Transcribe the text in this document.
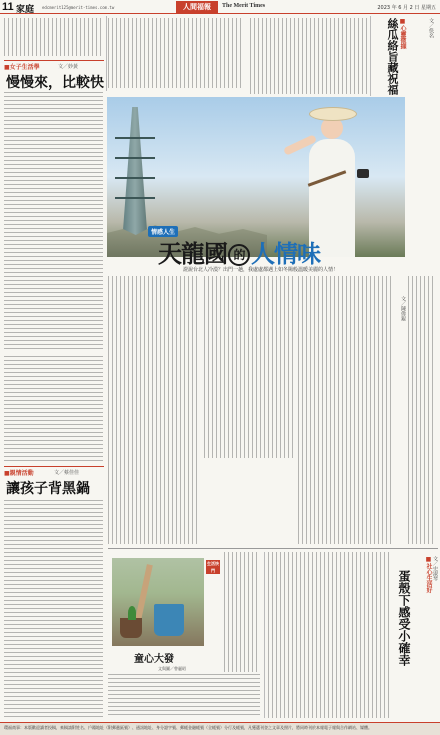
11 家庭 edcmerit125@merit-times.com.tw	人間福報	The Merit Times	2023 年 6 月 2 日 星期五
■女子生活學	文／妙黃
慢慢來，比較快
■親情活動	文／蔡佳佳
讓孩子背黑鍋
■心靈微擷	文／佚名
絲瓜絡旨藏祝福
情感人生
天龍國 的 人情味
證說台北人冷漠？出門一趟，我處處都遇上如冬陽般溫暖美麗的人情！
文／陳偉錕
生活快門
童心大發
文與圖／曾麗昭
■社心生活好 文／史淑琴
蛋殼下感受小確幸
環福商事：本版歡迎讀者投稿，來稿請附姓名、戶籍地址（附郵遞區號）、通訊地址、身分證字號、郵帳金融帳號（全帳號）分行及帳號，凡獲選刊登之文章及照片，將同時刊於本報電子報與合作網站、媒體。
